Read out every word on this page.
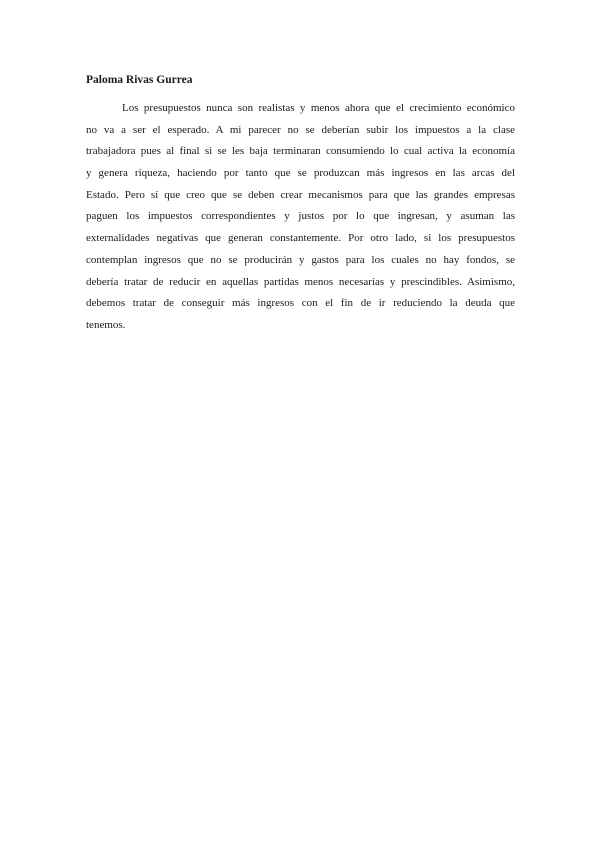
Paloma Rivas Gurrea
Los presupuestos nunca son realistas y menos ahora que el crecimiento económico
no va a ser el esperado. A mi parecer no se deberían subir los impuestos a la clase
trabajadora pues al final si se les baja terminaran consumiendo lo cual activa la economía
y genera riqueza, haciendo por tanto que se produzcan más ingresos en las arcas del
Estado. Pero sí que creo que se deben crear mecanismos para que las grandes empresas
paguen los impuestos correspondientes y justos por lo que ingresan, y asuman las
externalidades negativas que generan constantemente. Por otro lado, si los presupuestos
contemplan ingresos que no se producirán y gastos para los cuales no hay fondos, se
debería tratar de reducir en aquellas partidas menos necesarias y prescindibles. Asimismo,
debemos tratar de conseguir más ingresos con el fin de ir reduciendo la deuda que
tenemos.
